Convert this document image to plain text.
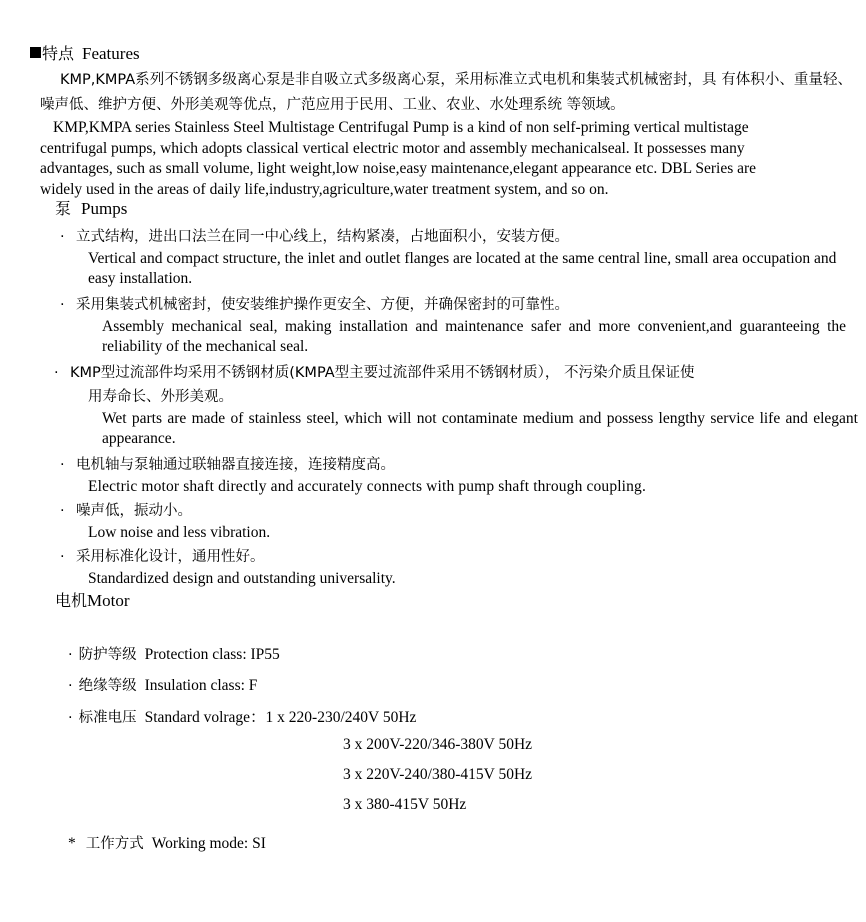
特点 Features
KMP,KMPA系列不锈钢多级离心泵是非自吸立式多级离心泵，采用标准立式电机和集装式机械密封，具 有体积小、重量轻、噪声低、维护方便、外形美观等优点，广范应用于民用、工业、农业、水处理系统 等领域。
KMP,KMPA series Stainless Steel Multistage Centrifugal Pump is a kind of non self-priming vertical multistage centrifugal pumps, which adopts classical vertical electric motor and assembly mechanicalseal. It possesses many advantages, such as small volume, light weight,low noise,easy maintenance,elegant appearance etc. DBL Series are widely used in the areas of daily life,industry,agriculture,water treatment system, and so on.
泵 Pumps
· 立式结构，进出口法兰在同一中心线上，结构紧凑，占地面积小，安装方便。
Vertical and compact structure, the inlet and outlet flanges are located at the same central line, small area occupation and easy installation.
· 采用集装式机械密封，使安装维护操作更安全、方便，并确保密封的可靠性。
Assembly mechanical seal, making installation and maintenance safer and more convenient,and guaranteeing the reliability of the mechanical seal.
· KMP型过流部件均采用不锈钢材质(KMPA型主要过流部件采用不锈钢材质）， 不污染介质且保证使
用寿命长、外形美观。
Wet parts are made of stainless steel, which will not contaminate medium and possess lengthy service life and elegant appearance.
· 电机轴与泵轴通过联轴器直接连接，连接精度高。
Electric motor shaft directly and accurately connects with pump shaft through coupling.
· 噪声低，振动小。
Low noise and less vibration.
· 采用标准化设计，通用性好。
Standardized design and outstanding universality.
电机Motor
· 防护等级 Protection class: IP55
· 绝缘等级 Insulation class: F
· 标准电压 Standard volrage：1 x 220-230/240V 50Hz
3 x 200V-220/346-380V 50Hz
3 x 220V-240/380-415V 50Hz
3 x 380-415V 50Hz
* 工作方式 Working mode: SI
